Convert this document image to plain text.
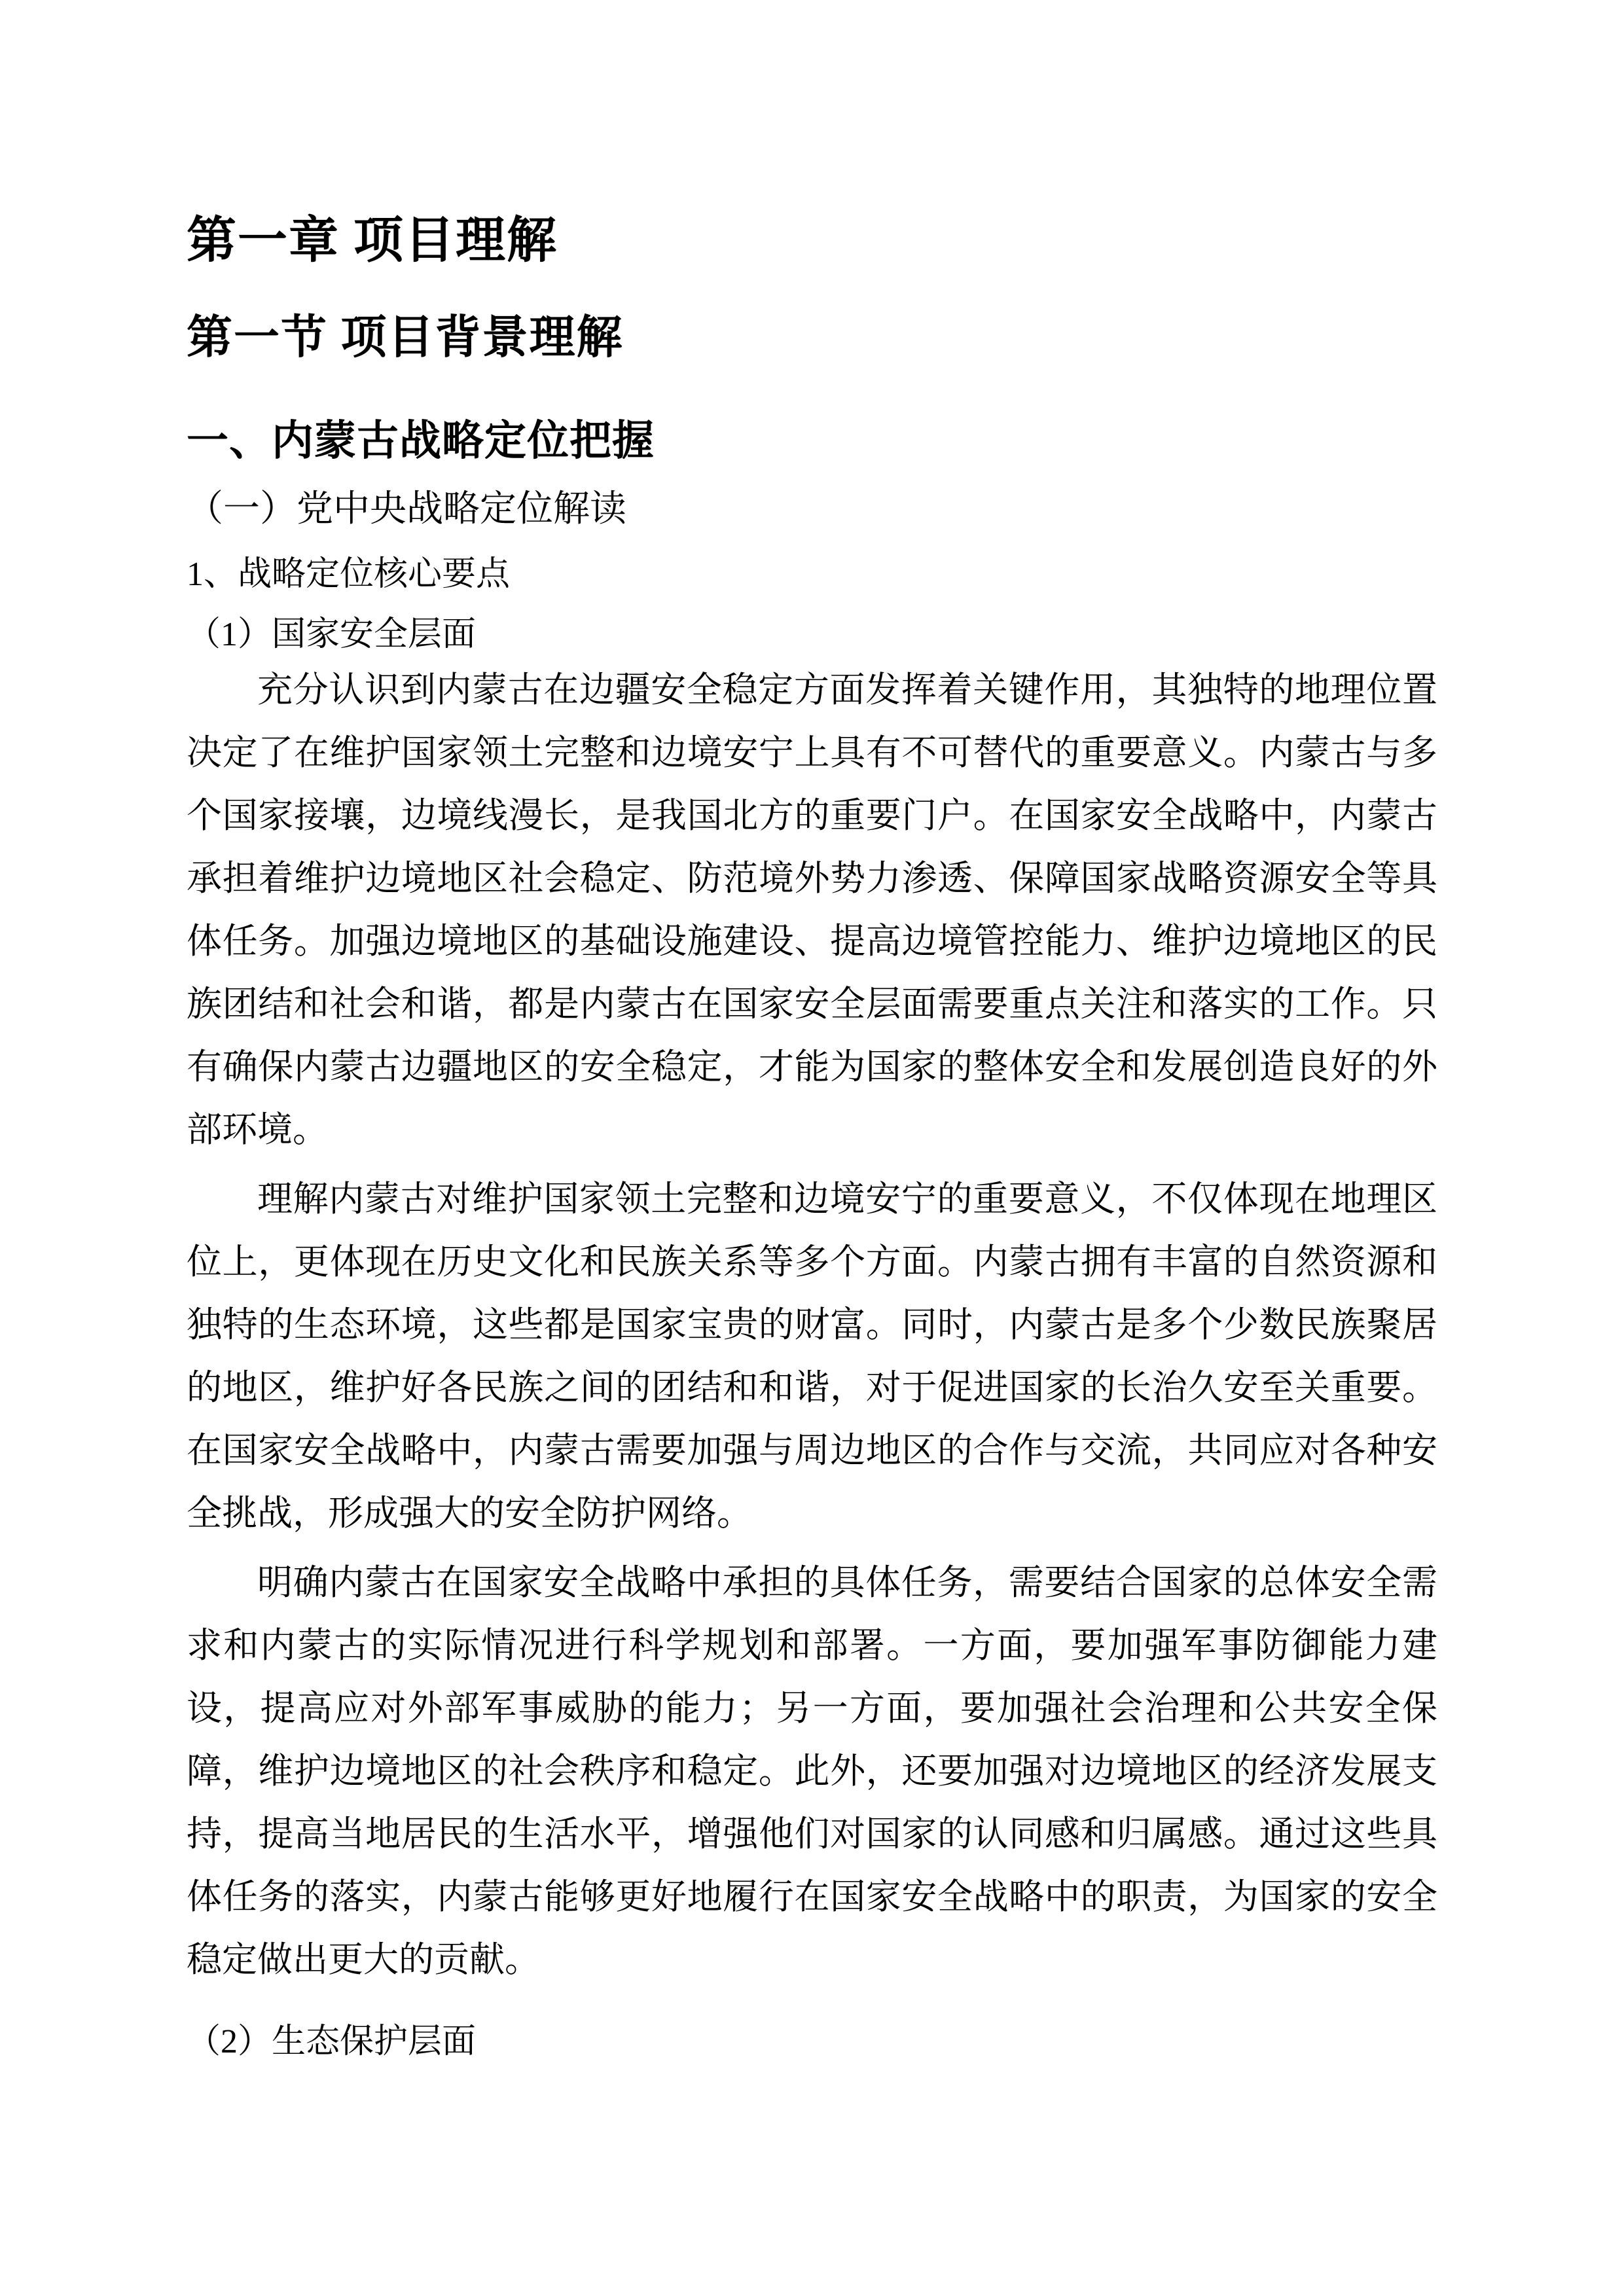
第一章 项目理解
第一节 项目背景理解
一、内蒙古战略定位把握
（一）党中央战略定位解读
1、战略定位核心要点
（1）国家安全层面

充分认识到内蒙古在边疆安全稳定方面发挥着关键作用，其独特的地理位置决定了在维护国家领土完整和边境安宁上具有不可替代的重要意义。内蒙古与多个国家接壤，边境线漫长，是我国北方的重要门户。在国家安全战略中，内蒙古承担着维护边境地区社会稳定、防范境外势力渗透、保障国家战略资源安全等具体任务。加强边境地区的基础设施建设、提高边境管控能力、维护边境地区的民族团结和社会和谐，都是内蒙古在国家安全层面需要重点关注和落实的工作。只有确保内蒙古边疆地区的安全稳定，才能为国家的整体安全和发展创造良好的外部环境。

理解内蒙古对维护国家领土完整和边境安宁的重要意义，不仅体现在地理区位上，更体现在历史文化和民族关系等多个方面。内蒙古拥有丰富的自然资源和独特的生态环境，这些都是国家宝贵的财富。同时，内蒙古是多个少数民族聚居的地区，维护好各民族之间的团结和和谐，对于促进国家的长治久安至关重要。在国家安全战略中，内蒙古需要加强与周边地区的合作与交流，共同应对各种安全挑战，形成强大的安全防护网络。

明确内蒙古在国家安全战略中承担的具体任务，需要结合国家的总体安全需求和内蒙古的实际情况进行科学规划和部署。一方面，要加强军事防御能力建设，提高应对外部军事威胁的能力；另一方面，要加强社会治理和公共安全保障，维护边境地区的社会秩序和稳定。此外，还要加强对边境地区的经济发展支持，提高当地居民的生活水平，增强他们对国家的认同感和归属感。通过这些具体任务的落实，内蒙古能够更好地履行在国家安全战略中的职责，为国家的安全稳定做出更大的贡献。

（2）生态保护层面
